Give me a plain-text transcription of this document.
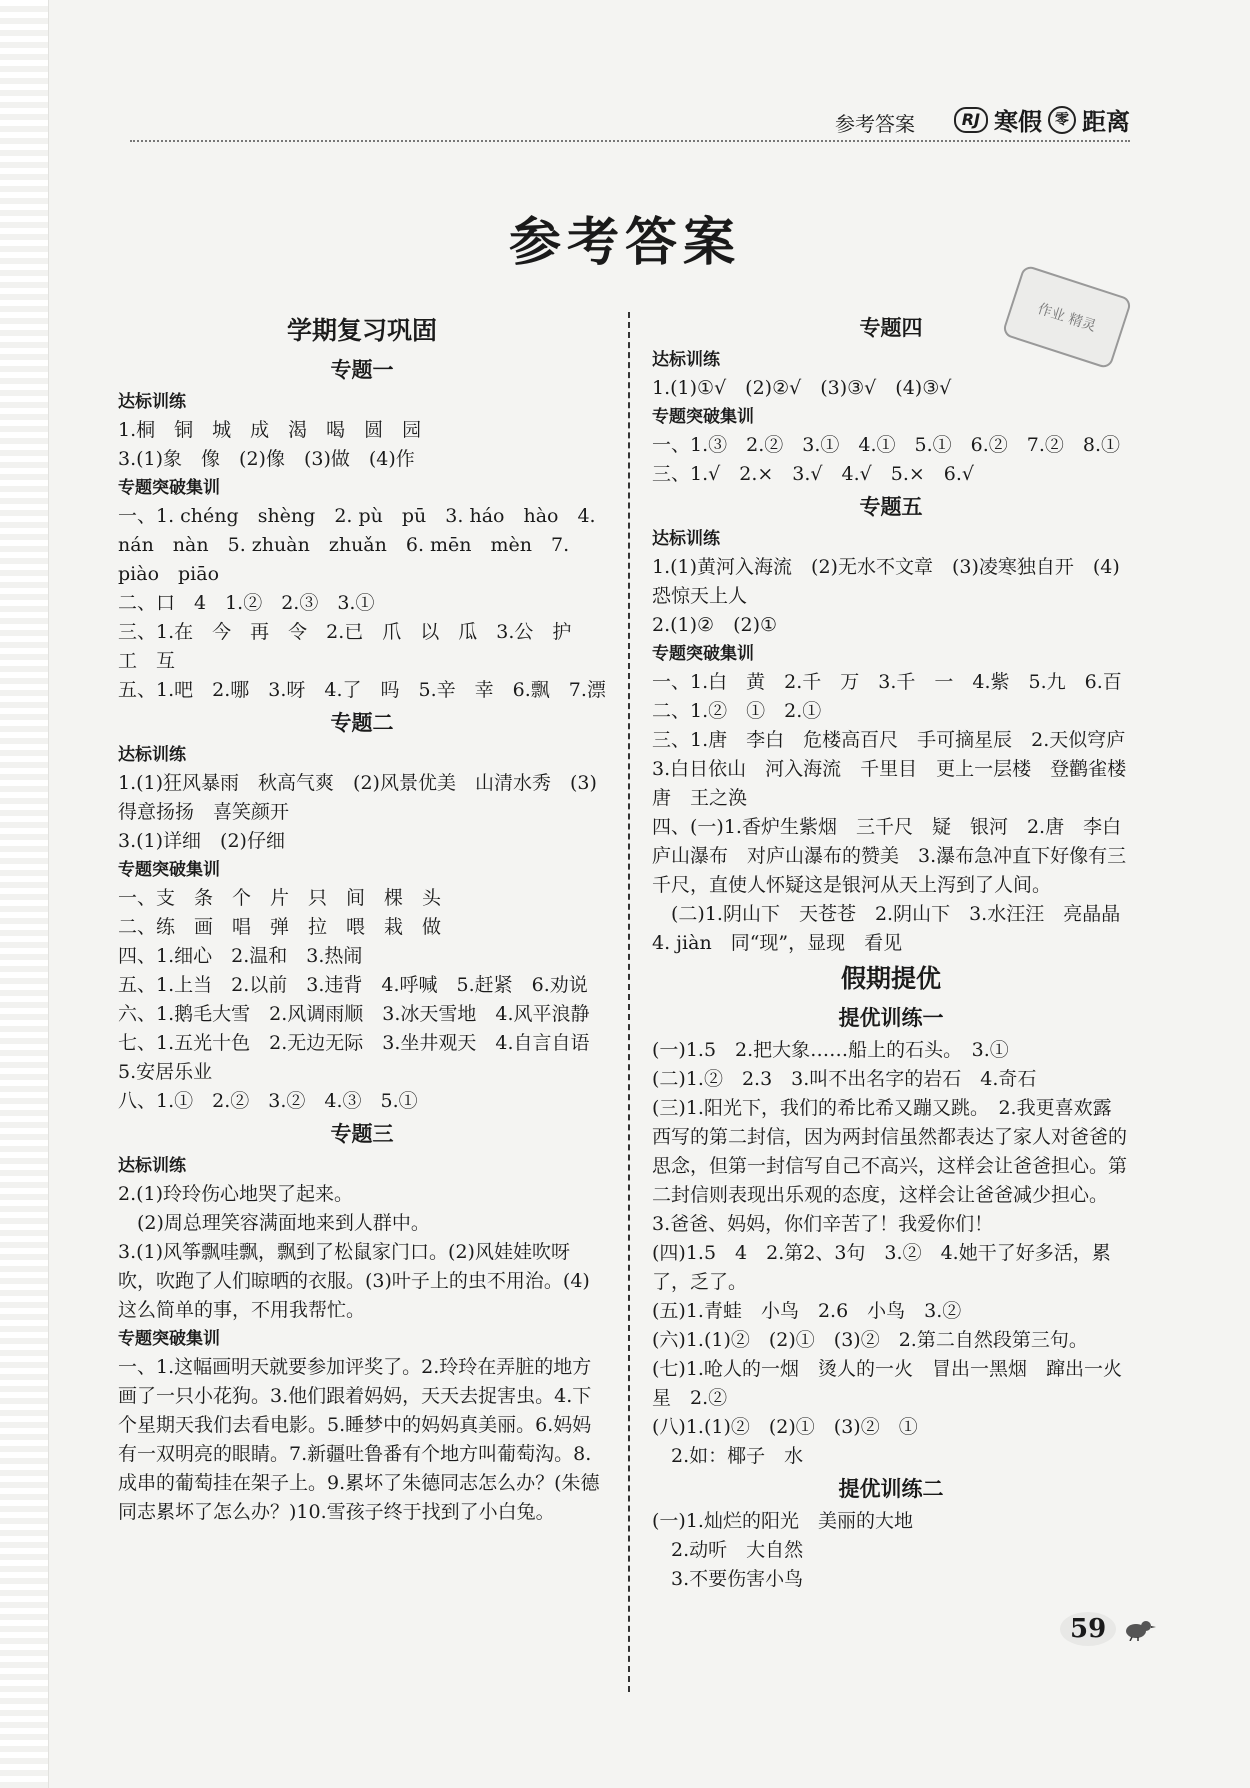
参考答案	RJ 寒假 零 距离
参考答案
作业 精灵
学期复习巩固
专题一
达标训练
1.桐　铜　城　成　渴　喝　圆　园
3.(1)象　像　(2)像　(3)做　(4)作
专题突破集训
一、1. chéng　shèng　2. pù　pū　3. háo　hào　4. nán　nàn　5. zhuàn　zhuǎn　6. mēn　mèn　7. piào　piāo
二、口　4　1.②　2.③　3.①
三、1.在　今　再　令　2.已　爪　以　瓜　3.公　护　工　互
五、1.吧　2.哪　3.呀　4.了　吗　5.辛　幸　6.飘　7.漂
专题二
达标训练
1.(1)狂风暴雨　秋高气爽　(2)风景优美　山清水秀　(3)得意扬扬　喜笑颜开
3.(1)详细　(2)仔细
专题突破集训
一、支　条　个　片　只　间　棵　头
二、练　画　唱　弹　拉　喂　栽　做
四、1.细心　2.温和　3.热闹
五、1.上当　2.以前　3.违背　4.呼喊　5.赶紧　6.劝说
六、1.鹅毛大雪　2.风调雨顺　3.冰天雪地　4.风平浪静
七、1.五光十色　2.无边无际　3.坐井观天　4.自言自语　5.安居乐业
八、1.①　2.②　3.②　4.③　5.①
专题三
达标训练
2.(1)玲玲伤心地哭了起来。
　(2)周总理笑容满面地来到人群中。
3.(1)风筝飘哇飘，飘到了松鼠家门口。(2)风娃娃吹呀吹，吹跑了人们晾晒的衣服。(3)叶子上的虫不用治。(4)这么简单的事，不用我帮忙。
专题突破集训
一、1.这幅画明天就要参加评奖了。2.玲玲在弄脏的地方画了一只小花狗。3.他们跟着妈妈，天天去捉害虫。4.下个星期天我们去看电影。5.睡梦中的妈妈真美丽。6.妈妈有一双明亮的眼睛。7.新疆吐鲁番有个地方叫葡萄沟。8.成串的葡萄挂在架子上。9.累坏了朱德同志怎么办？(朱德同志累坏了怎么办？)10.雪孩子终于找到了小白兔。
专题四
达标训练
1.(1)①√　(2)②√　(3)③√　(4)③√
专题突破集训
一、1.③　2.②　3.①　4.①　5.①　6.②　7.②　8.①
三、1.√　2.×　3.√　4.√　5.×　6.√
专题五
达标训练
1.(1)黄河入海流　(2)无水不文章　(3)凌寒独自开　(4)恐惊天上人
2.(1)②　(2)①
专题突破集训
一、1.白　黄　2.千　万　3.千　一　4.紫　5.九　6.百
二、1.②　①　2.①
三、1.唐　李白　危楼高百尺　手可摘星辰　2.天似穹庐　3.白日依山　河入海流　千里目　更上一层楼　登鹳雀楼　唐　王之涣
四、(一)1.香炉生紫烟　三千尺　疑　银河　2.唐　李白　庐山瀑布　对庐山瀑布的赞美　3.瀑布急冲直下好像有三千尺，直使人怀疑这是银河从天上泻到了人间。
　(二)1.阴山下　天苍苍　2.阴山下　3.水汪汪　亮晶晶　4. jiàn　同“现”，显现　看见
假期提优
提优训练一
(一)1.5　2.把大象……船上的石头。　3.①
(二)1.②　2.3　3.叫不出名字的岩石　4.奇石
(三)1.阳光下，我们的希比希又蹦又跳。　2.我更喜欢露西写的第二封信，因为两封信虽然都表达了家人对爸爸的思念，但第一封信写自己不高兴，这样会让爸爸担心。第二封信则表现出乐观的态度，这样会让爸爸减少担心。　3.爸爸、妈妈，你们辛苦了！我爱你们！
(四)1.5　4　2.第2、3句　3.②　4.她干了好多活，累了，乏了。
(五)1.青蛙　小鸟　2.6　小鸟　3.②
(六)1.(1)②　(2)①　(3)②　2.第二自然段第三句。
(七)1.呛人的一烟　烫人的一火　冒出一黑烟　蹿出一火星　2.②
(八)1.(1)②　(2)①　(3)②　①
　2.如：椰子　水
提优训练二
(一)1.灿烂的阳光　美丽的大地
　2.动听　大自然
　3.不要伤害小鸟
59
